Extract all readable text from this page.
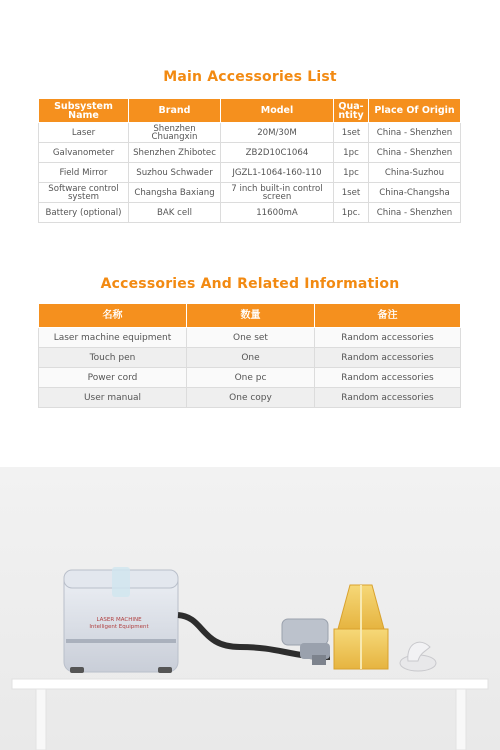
Main Accessories List
Subsystem Name	Brand	Model	Qua-ntity	Place Of Origin
Laser	Shenzhen Chuangxin	20M/30M	1set	China - Shenzhen
Galvanometer	Shenzhen Zhibotec	ZB2D10C1064	1pc	China - Shenzhen
Field Mirror	Suzhou Schwader	JGZL1-1064-160-110	1pc	China-Suzhou
Software control system	Changsha Baxiang	7 inch built-in control screen	1set	China-Changsha
Battery (optional)	BAK cell	11600mA	1pc.	China - Shenzhen
Accessories And Related Information
名称	数量	备注
Laser machine equipment	One set	Random accessories
Touch pen	One	Random accessories
Power cord	One pc	Random accessories
User manual	One copy	Random accessories
LASER MACHINE
Intelligent Equipment
